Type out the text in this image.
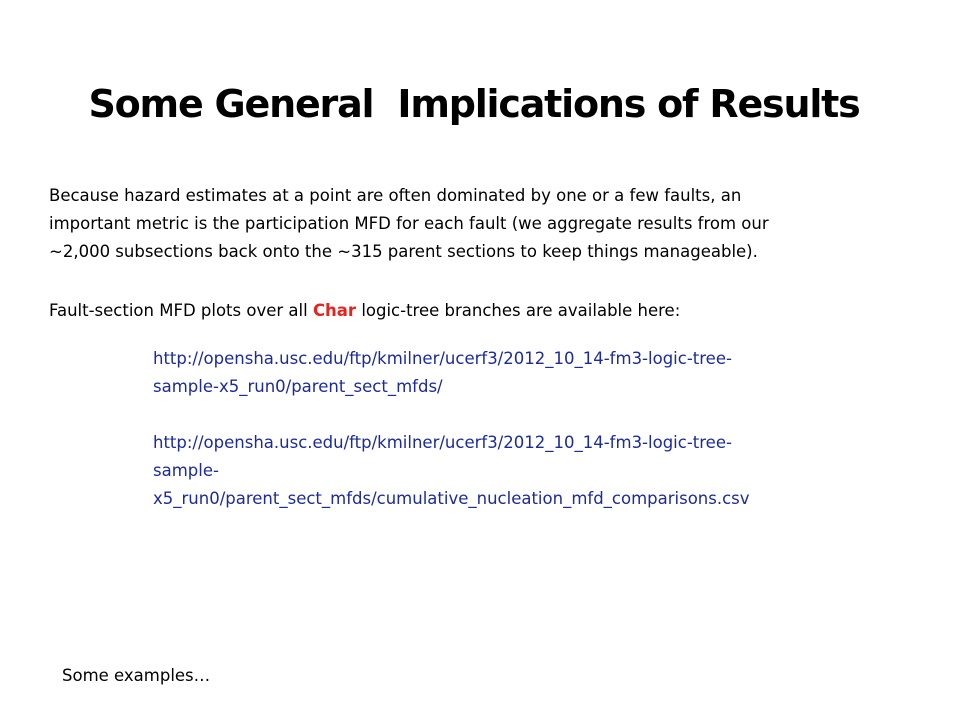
Some General  Implications of Results

Because hazard estimates at a point are often dominated by one or a few faults, an
important metric is the participation MFD for each fault (we aggregate results from our
~2,000 subsections back onto the ~315 parent sections to keep things manageable).

Fault-section MFD plots over all Char logic-tree branches are available here:

http://opensha.usc.edu/ftp/kmilner/ucerf3/2012_10_14-fm3-logic-tree-
sample-x5_run0/parent_sect_mfds/
http://opensha.usc.edu/ftp/kmilner/ucerf3/2012_10_14-fm3-logic-tree-
sample-
x5_run0/parent_sect_mfds/cumulative_nucleation_mfd_comparisons.csv

Some examples…
